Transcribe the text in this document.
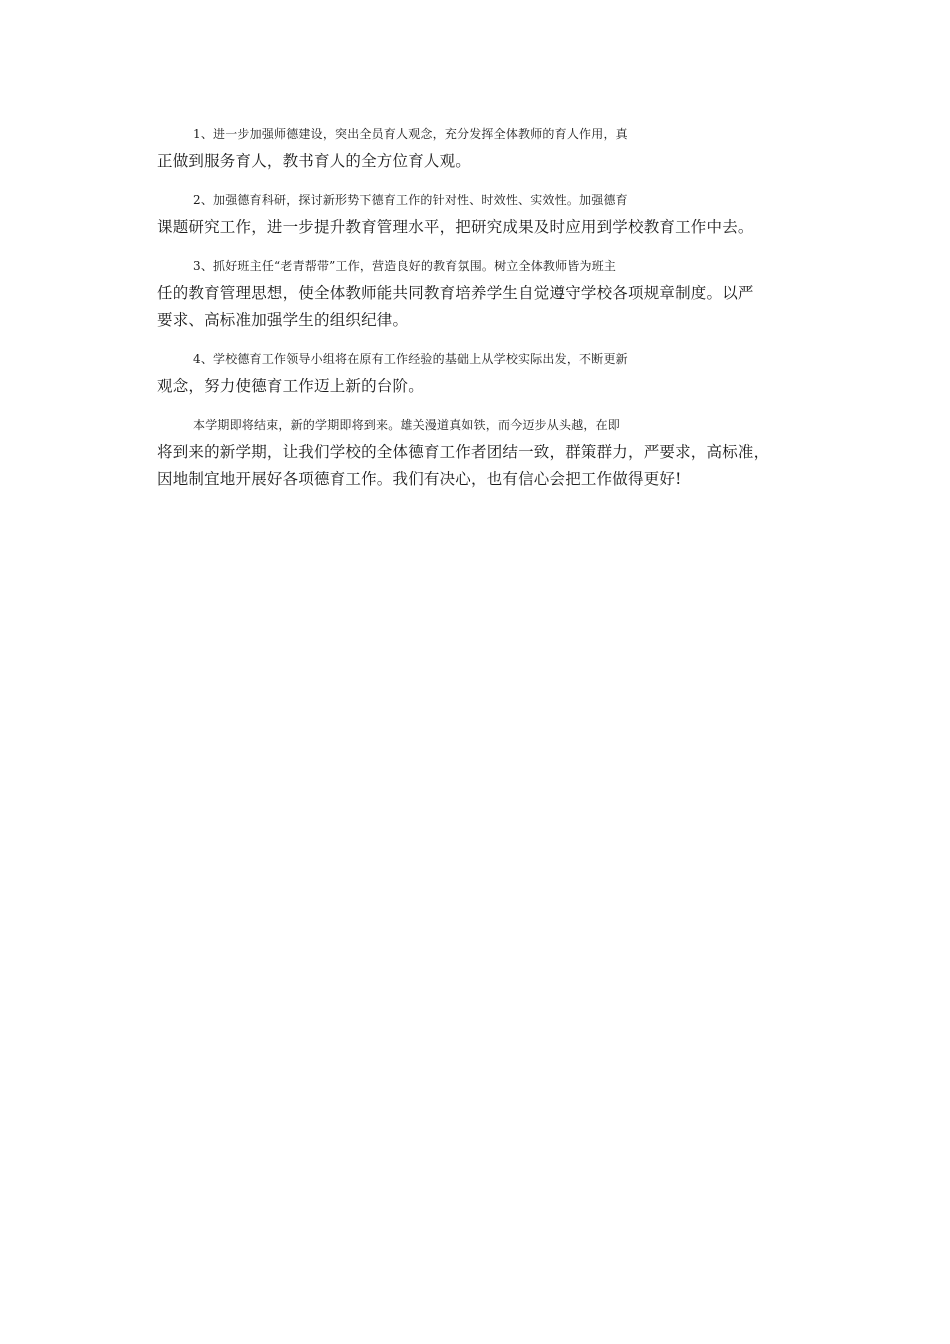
1、进一步加强师德建设，突出全员育人观念，充分发挥全体教师的育人作用，真
正做到服务育人，教书育人的全方位育人观。

2、加强德育科研，探讨新形势下德育工作的针对性、时效性、实效性。加强德育
课题研究工作，进一步提升教育管理水平，把研究成果及时应用到学校教育工作中去。

3、抓好班主任“老青帮带”工作，营造良好的教育氛围。树立全体教师皆为班主
任的教育管理思想，使全体教师能共同教育培养学生自觉遵守学校各项规章制度。以严
要求、高标准加强学生的组织纪律。

4、学校德育工作领导小组将在原有工作经验的基础上从学校实际出发，不断更新
观念，努力使德育工作迈上新的台阶。

本学期即将结束，新的学期即将到来。雄关漫道真如铁，而今迈步从头越，在即
将到来的新学期，让我们学校的全体德育工作者团结一致，群策群力，严要求，高标准，
因地制宜地开展好各项德育工作。我们有决心，也有信心会把工作做得更好!
